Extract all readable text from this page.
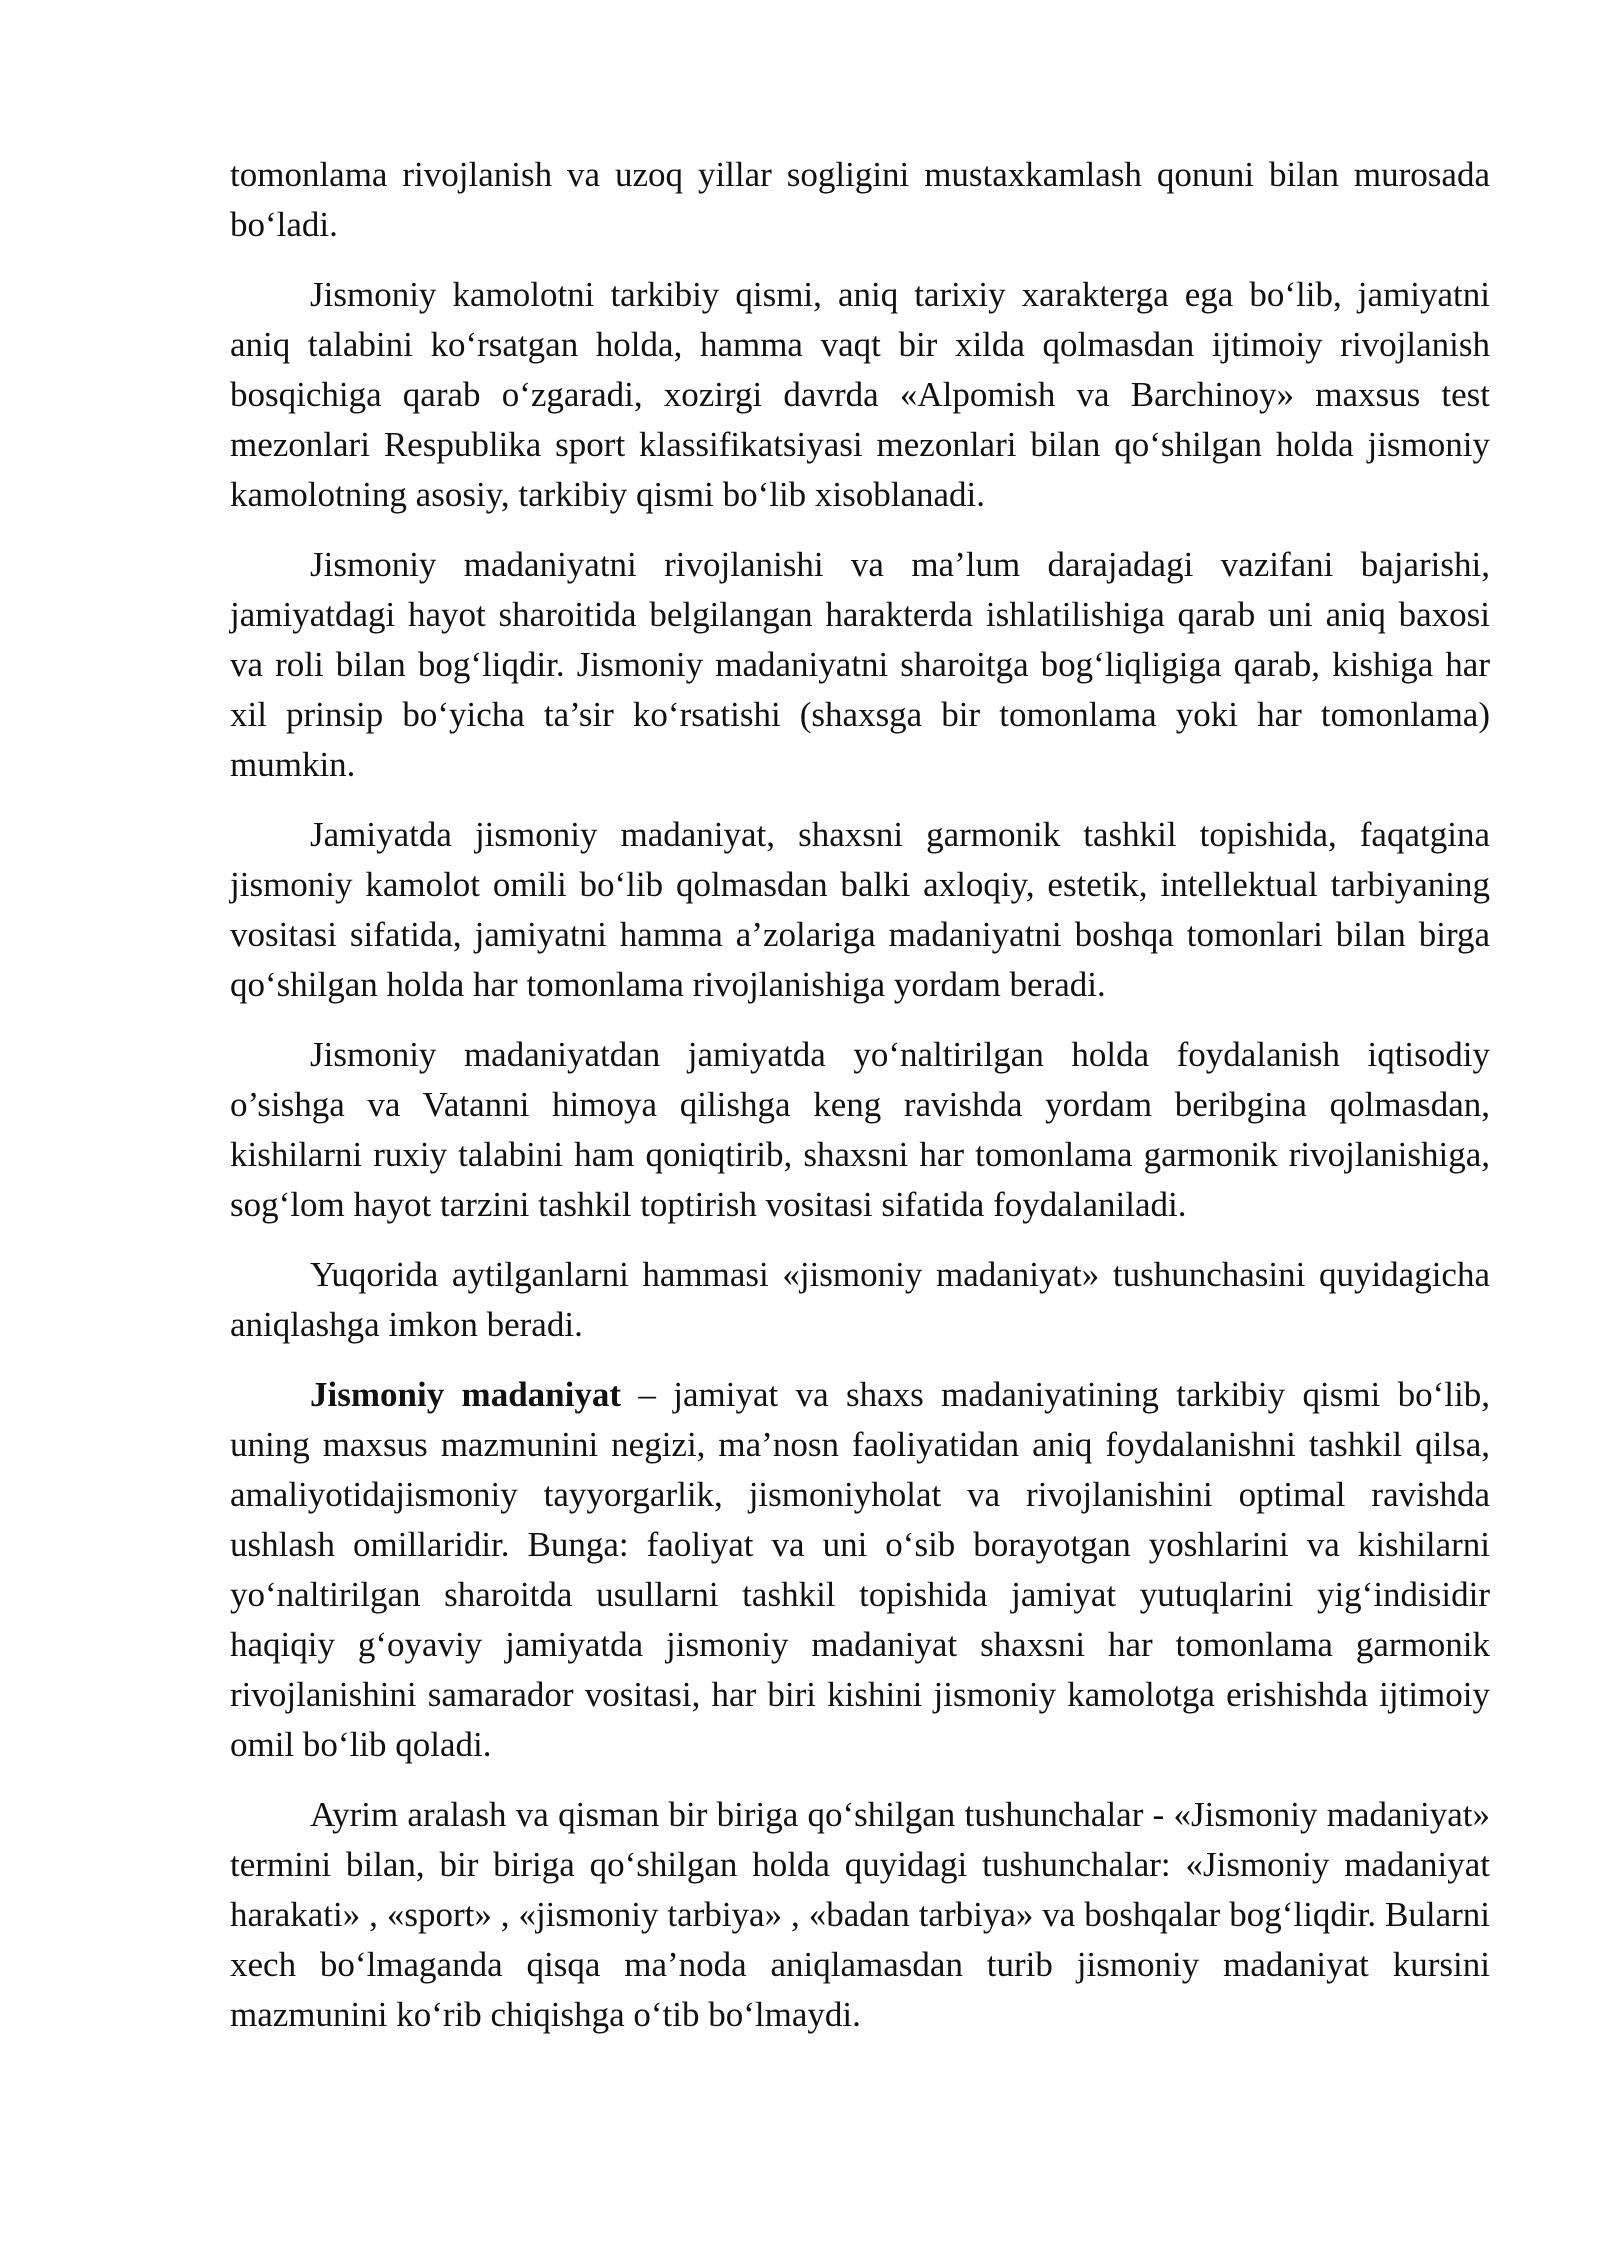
tomonlama rivojlanish va uzoq yillar sogligini mustaxkamlash qonuni bilan murosada bo‘ladi.

Jismoniy kamolotni tarkibiy qismi, aniq tarixiy xarakterga ega bo‘lib, jamiyatni aniq talabini ko‘rsatgan holda, hamma vaqt bir xilda qolmasdan ijtimoiy rivojlanish bosqichiga qarab o‘zgaradi, xozirgi davrda «Alpomish va Barchinoy» maxsus test mezonlari Respublika sport klassifikatsiyasi mezonlari bilan qo‘shilgan holda jismoniy kamolotning asosiy, tarkibiy qismi bo‘lib xisoblanadi.

Jismoniy madaniyatni rivojlanishi va ma’lum darajadagi vazifani bajarishi, jamiyatdagi hayot sharoitida belgilangan harakterda ishlatilishiga qarab uni aniq baxosi va roli bilan bog‘liqdir. Jismoniy madaniyatni sharoitga bog‘liqligiga qarab, kishiga har xil prinsip bo‘yicha ta’sir ko‘rsatishi (shaxsga bir tomonlama yoki har tomonlama) mumkin.

Jamiyatda jismoniy madaniyat, shaxsni garmonik tashkil topishida, faqatgina jismoniy kamolot omili bo‘lib qolmasdan balki axloqiy, estetik, intellektual tarbiyaning vositasi sifatida, jamiyatni hamma a’zolariga madaniyatni boshqa tomonlari bilan birga qo‘shilgan holda har tomonlama rivojlanishiga yordam beradi.

Jismoniy madaniyatdan jamiyatda yo‘naltirilgan holda foydalanish iqtisodiy o’sishga va Vatanni himoya qilishga keng ravishda yordam beribgina qolmasdan, kishilarni ruxiy talabini ham qoniqtirib, shaxsni har tomonlama garmonik rivojlanishiga, sog‘lom hayot tarzini tashkil toptirish vositasi sifatida foydalaniladi.

Yuqorida aytilganlarni hammasi «jismoniy madaniyat» tushunchasini quyidagicha aniqlashga imkon beradi.

Jismoniy madaniyat – jamiyat va shaxs madaniyatining tarkibiy qismi bo‘lib, uning maxsus mazmunini negizi, ma’nosn faoliyatidan aniq foydalanishni tashkil qilsa, amaliyotidajismoniy tayyorgarlik, jismoniyholat va rivojlanishini optimal ravishda ushlash omillaridir. Bunga: faoliyat va uni o‘sib borayotgan yoshlarini va kishilarni yo‘naltirilgan sharoitda usullarni tashkil topishida jamiyat yutuqlarini yig‘indisidir haqiqiy g‘oyaviy jamiyatda jismoniy madaniyat shaxsni har tomonlama garmonik rivojlanishini samarador vositasi, har biri kishini jismoniy kamolotga erishishda ijtimoiy omil bo‘lib qoladi.

Ayrim aralash va qisman bir biriga qo‘shilgan tushunchalar - «Jismoniy madaniyat» termini bilan, bir biriga qo‘shilgan holda quyidagi tushunchalar: «Jismoniy madaniyat harakati» , «sport» , «jismoniy tarbiya» , «badan tarbiya» va boshqalar bog‘liqdir. Bularni xech bo‘lmaganda qisqa ma’noda aniqlamasdan turib jismoniy madaniyat kursini mazmunini ko‘rib chiqishga o‘tib bo‘lmaydi.
